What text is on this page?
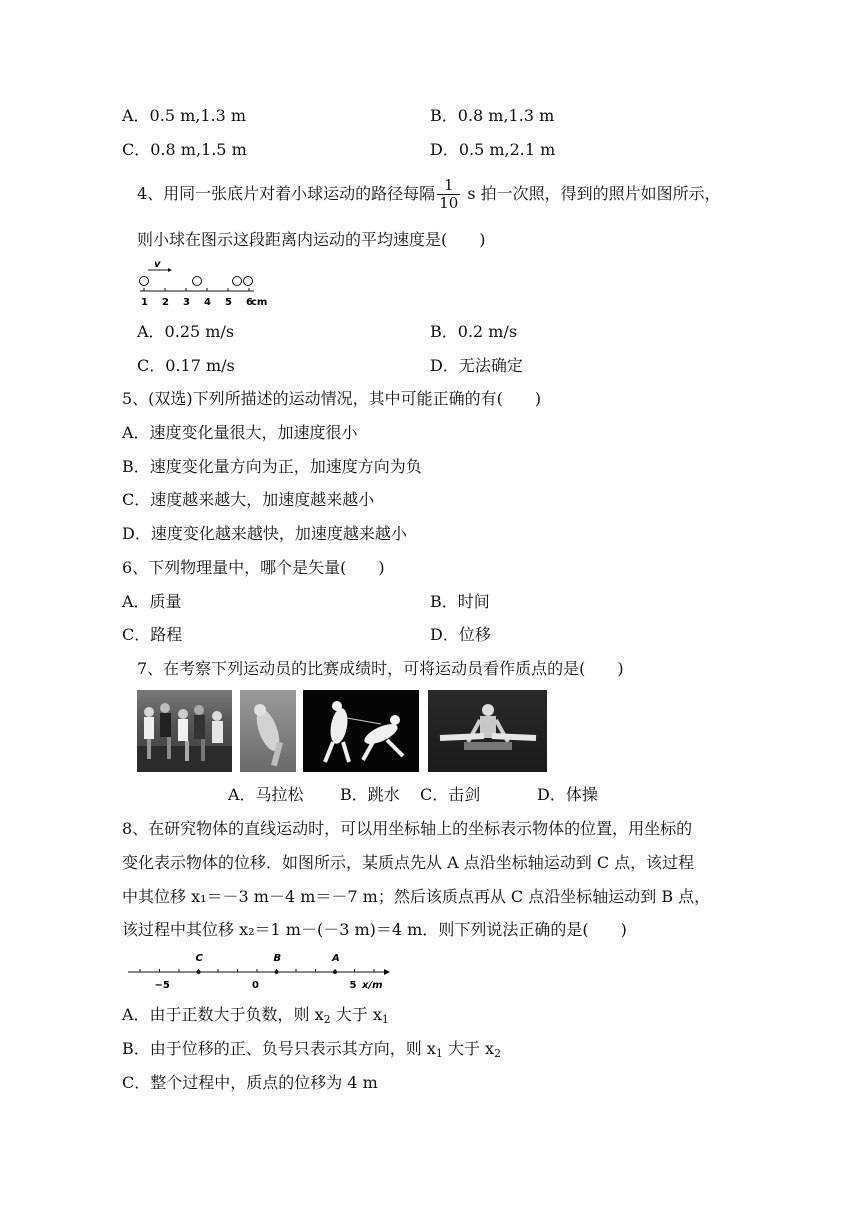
A．0.5 m,1.3 m	B．0.8 m,1.3 m
C．0.8 m,1.5 m	D．0.5 m,2.1 m
4、用同一张底片对着小球运动的路径每隔 $\frac{1}{10}$ s 拍一次照，得到的照片如图所示，
则小球在图示这段距离内运动的平均速度是(　　)
v
1 2 3 4 5 6
cm
A．0.25 m/s	B．0.2 m/s
C．0.17 m/s	D．无法确定
5、(双选)下列所描述的运动情况，其中可能正确的有(　　)
A．速度变化量很大，加速度很小
B．速度变化量方向为正，加速度方向为负
C．速度越来越大，加速度越来越小
D．速度变化越来越快，加速度越来越小
6、下列物理量中，哪个是矢量(　　)
A．质量	B．时间
C．路程	D．位移
7、在考察下列运动员的比赛成绩时，可将运动员看作质点的是(　　)
A．马拉松 B．跳水 C．击剑	D．体操
8、在研究物体的直线运动时，可以用坐标轴上的坐标表示物体的位置，用坐标的
变化表示物体的位移．如图所示，某质点先从 A 点沿坐标轴运动到 C 点，该过程
中其位移 x₁＝－3 m－4 m＝－7 m；然后该质点再从 C 点沿坐标轴运动到 B 点，
该过程中其位移 x₂＝1 m－(－3 m)＝4 m．则下列说法正确的是(　　)
−5	0	5
C	B	A
x/m
A．由于正数大于负数，则 $x_2$ 大于 $x_1$
B．由于位移的正、负号只表示其方向，则 $x_1$ 大于 $x_2$
C．整个过程中，质点的位移为 4 m
